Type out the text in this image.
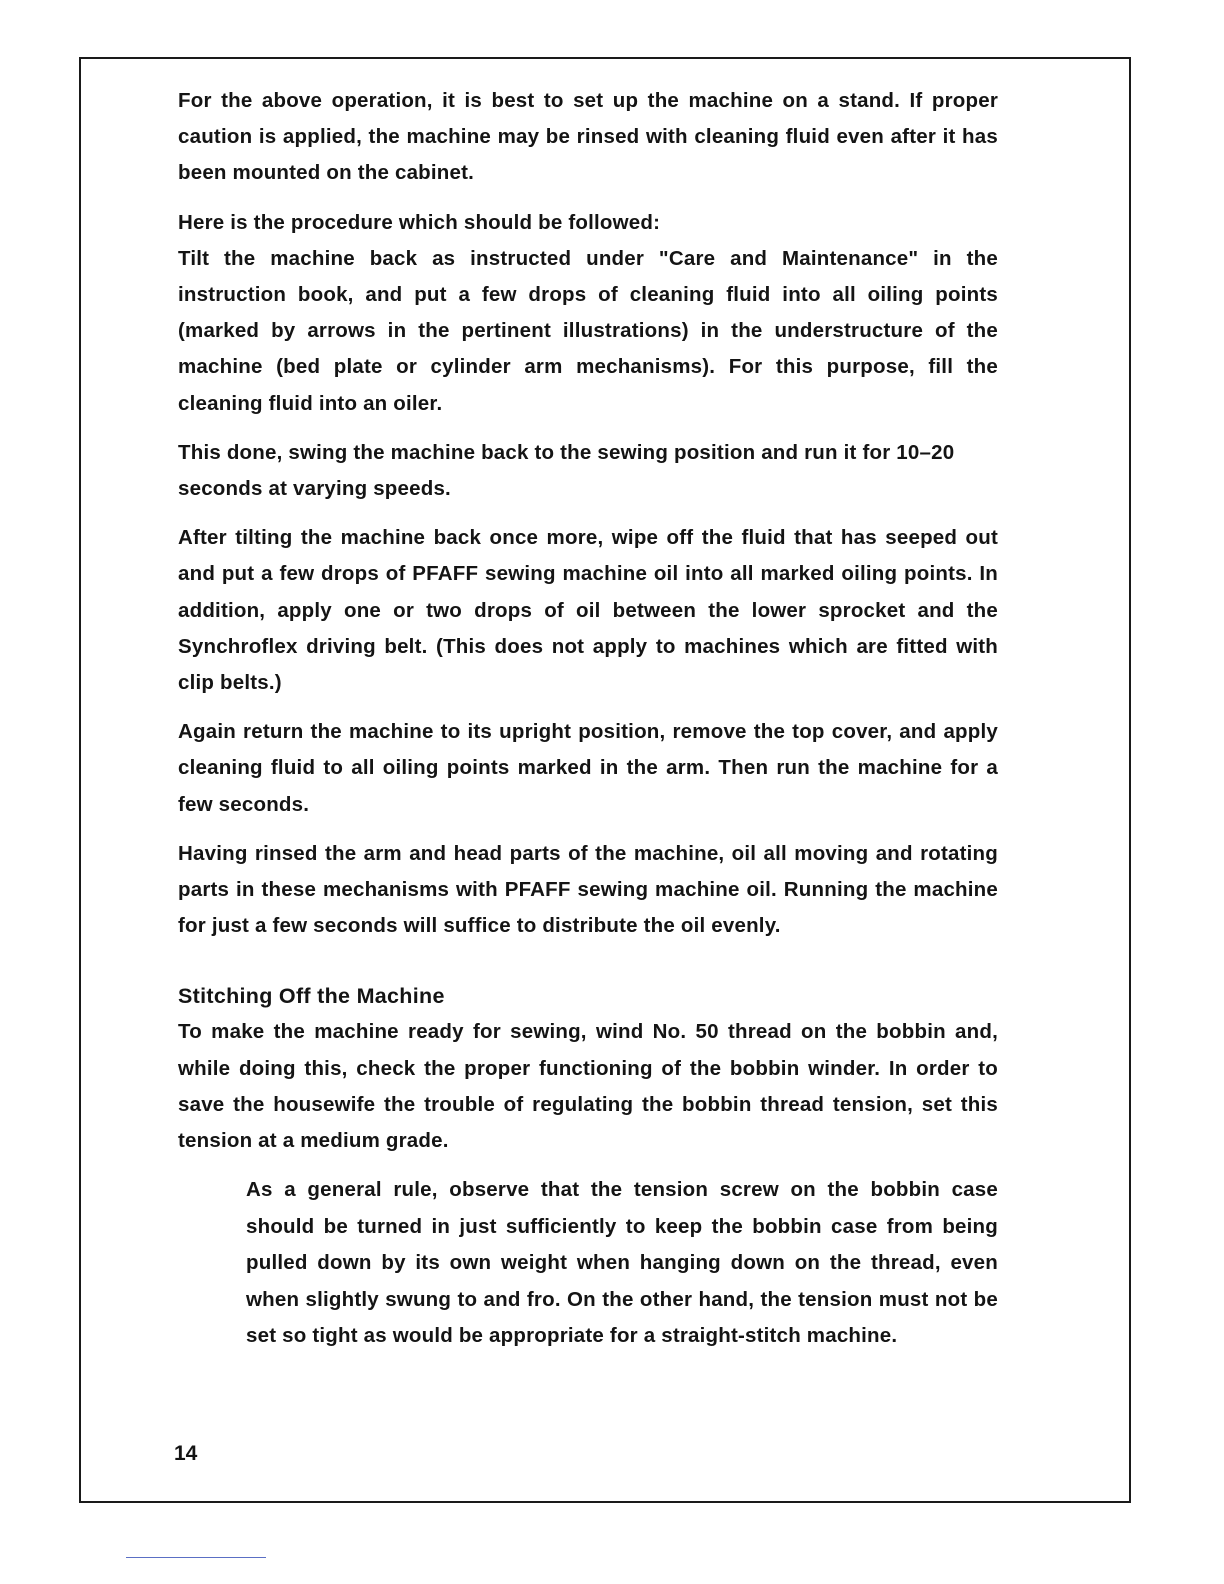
For the above operation, it is best to set up the machine on a stand. If proper caution is applied, the machine may be rinsed with cleaning fluid even after it has been mounted on the cabinet.

Here is the procedure which should be followed:

Tilt the machine back as instructed under "Care and Maintenance" in the instruction book, and put a few drops of cleaning fluid into all oiling points (marked by arrows in the pertinent illustrations) in the understructure of the machine (bed plate or cylinder arm mechanisms). For this purpose, fill the cleaning fluid into an oiler.

This done, swing the machine back to the sewing position and run it for 10–20 seconds at varying speeds.

After tilting the machine back once more, wipe off the fluid that has seeped out and put a few drops of PFAFF sewing machine oil into all marked oiling points. In addition, apply one or two drops of oil between the lower sprocket and the Synchroflex driving belt. (This does not apply to machines which are fitted with clip belts.)

Again return the machine to its upright position, remove the top cover, and apply cleaning fluid to all oiling points marked in the arm. Then run the machine for a few seconds.

Having rinsed the arm and head parts of the machine, oil all moving and rotating parts in these mechanisms with PFAFF sewing machine oil. Running the machine for just a few seconds will suffice to distribute the oil evenly.

Stitching Off the Machine

To make the machine ready for sewing, wind No. 50 thread on the bobbin and, while doing this, check the proper functioning of the bobbin winder. In order to save the housewife the trouble of regulating the bobbin thread tension, set this tension at a medium grade.

As a general rule, observe that the tension screw on the bobbin case should be turned in just sufficiently to keep the bobbin case from being pulled down by its own weight when hanging down on the thread, even when slightly swung to and fro. On the other hand, the tension must not be set so tight as would be appropriate for a straight-stitch machine.

14
